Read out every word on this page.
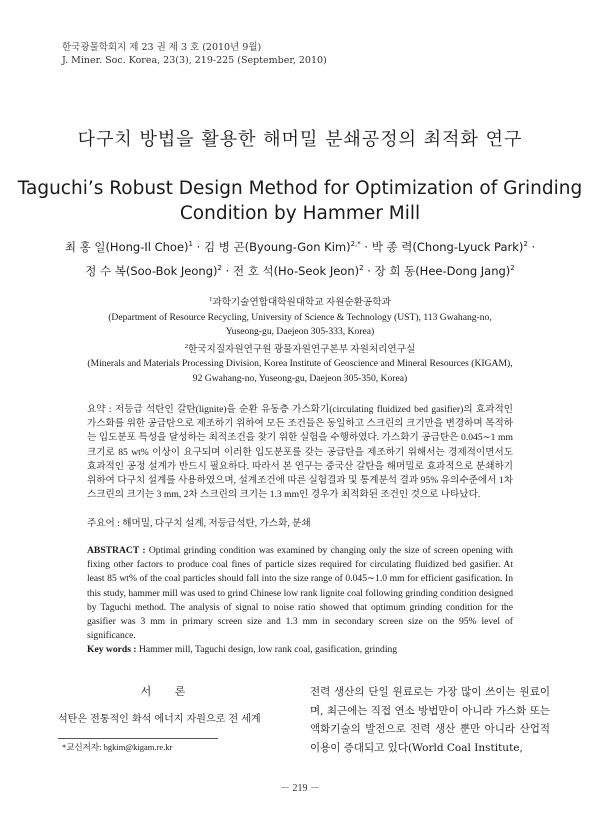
한국광물학회지 제 23 권 제 3 호 (2010년 9월)
J. Miner. Soc. Korea, 23(3), 219-225 (September, 2010)
다구치 방법을 활용한 해머밀 분쇄공정의 최적화 연구
Taguchi’s Robust Design Method for Optimization of Grinding
Condition by Hammer Mill
최 홍 일(Hong-Il Choe)$^1$ · 김 병 곤(Byoung-Gon Kim)$^{2,*}$ · 박 종 력(Chong-Lyuck Park)$^2$ ·
정 수 복(Soo-Bok Jeong)$^2$ · 전 호 석(Ho-Seok Jeon)$^2$ · 장 희 동(Hee-Dong Jang)$^2$
$^1$과학기술연합대학원대학교 자원순환공학과
(Department of Resource Recycling, University of Science & Technology (UST), 113 Gwahang-no,
Yuseong-gu, Daejeon 305-333, Korea)
$^2$한국지질자원연구원 광물자원연구본부 자원처리연구실
(Minerals and Materials Processing Division, Korea Institute of Geoscience and Mineral Resources (KIGAM),
92 Gwahang-no, Yuseong-gu, Daejeon 305-350, Korea)

요약 : 저등급 석탄인 갈탄(lignite)을 순환 유동층 가스화기(circulating fluidized bed gasifier)의 효과적인 가스화를 위한 공급탄으로 제조하기 위하여 모든 조건들은 동일하고 스크린의 크기만을 변경하며 목적하는 입도분포 특성을 달성하는 최적조건을 찾기 위한 실험을 수행하였다. 가스화기 공급탄은 0.045∼1 mm 크기로 85 wt% 이상이 요구되며 이러한 입도분포를 갖는 공급탄을 제조하기 위해서는 경제적이면서도 효과적인 공정 설계가 반드시 필요하다. 따라서 본 연구는 중국산 갈탄을 해머밀로 효과적으로 분쇄하기 위하여 다구치 설계를 사용하였으며, 설계조건에 따른 실험결과 및 통계분석 결과 95% 유의수준에서 1차 스크린의 크기는 3 mm, 2차 스크린의 크기는 1.3 mm인 경우가 최적화된 조건인 것으로 나타났다.

주요어 : 해머밀, 다구치 설계, 저등급석탄, 가스화, 분쇄

ABSTRACT : Optimal grinding condition was examined by changing only the size of screen opening with fixing other factors to produce coal fines of particle sizes required for circulating fluidized bed gasifier. At least 85 wt% of the coal particles should fall into the size range of 0.045∼1.0 mm for efficient gasification. In this study, hammer mill was used to grind Chinese low rank lignite coal following grinding condition designed by Taguchi method. The analysis of signal to noise ratio showed that optimum grinding condition for the gasifier was 3 mm in primary screen size and 1.3 mm in secondary screen size on the 95% level of significance.

Key words : Hammer mill, Taguchi design, low rank coal, gasification, grinding

서 론

석탄은 전통적인 화석 에너지 자원으로 전 세계

*교신저자: bgkim@kigam.re.kr

전력 생산의 단일 원료로는 가장 많이 쓰이는 원료이며, 최근에는 직접 연소 방법만이 아니라 가스화 또는 액화기술의 발전으로 전력 생산 뿐만 아니라 산업적 이용이 증대되고 있다(World Coal Institute,

－ 219 －
